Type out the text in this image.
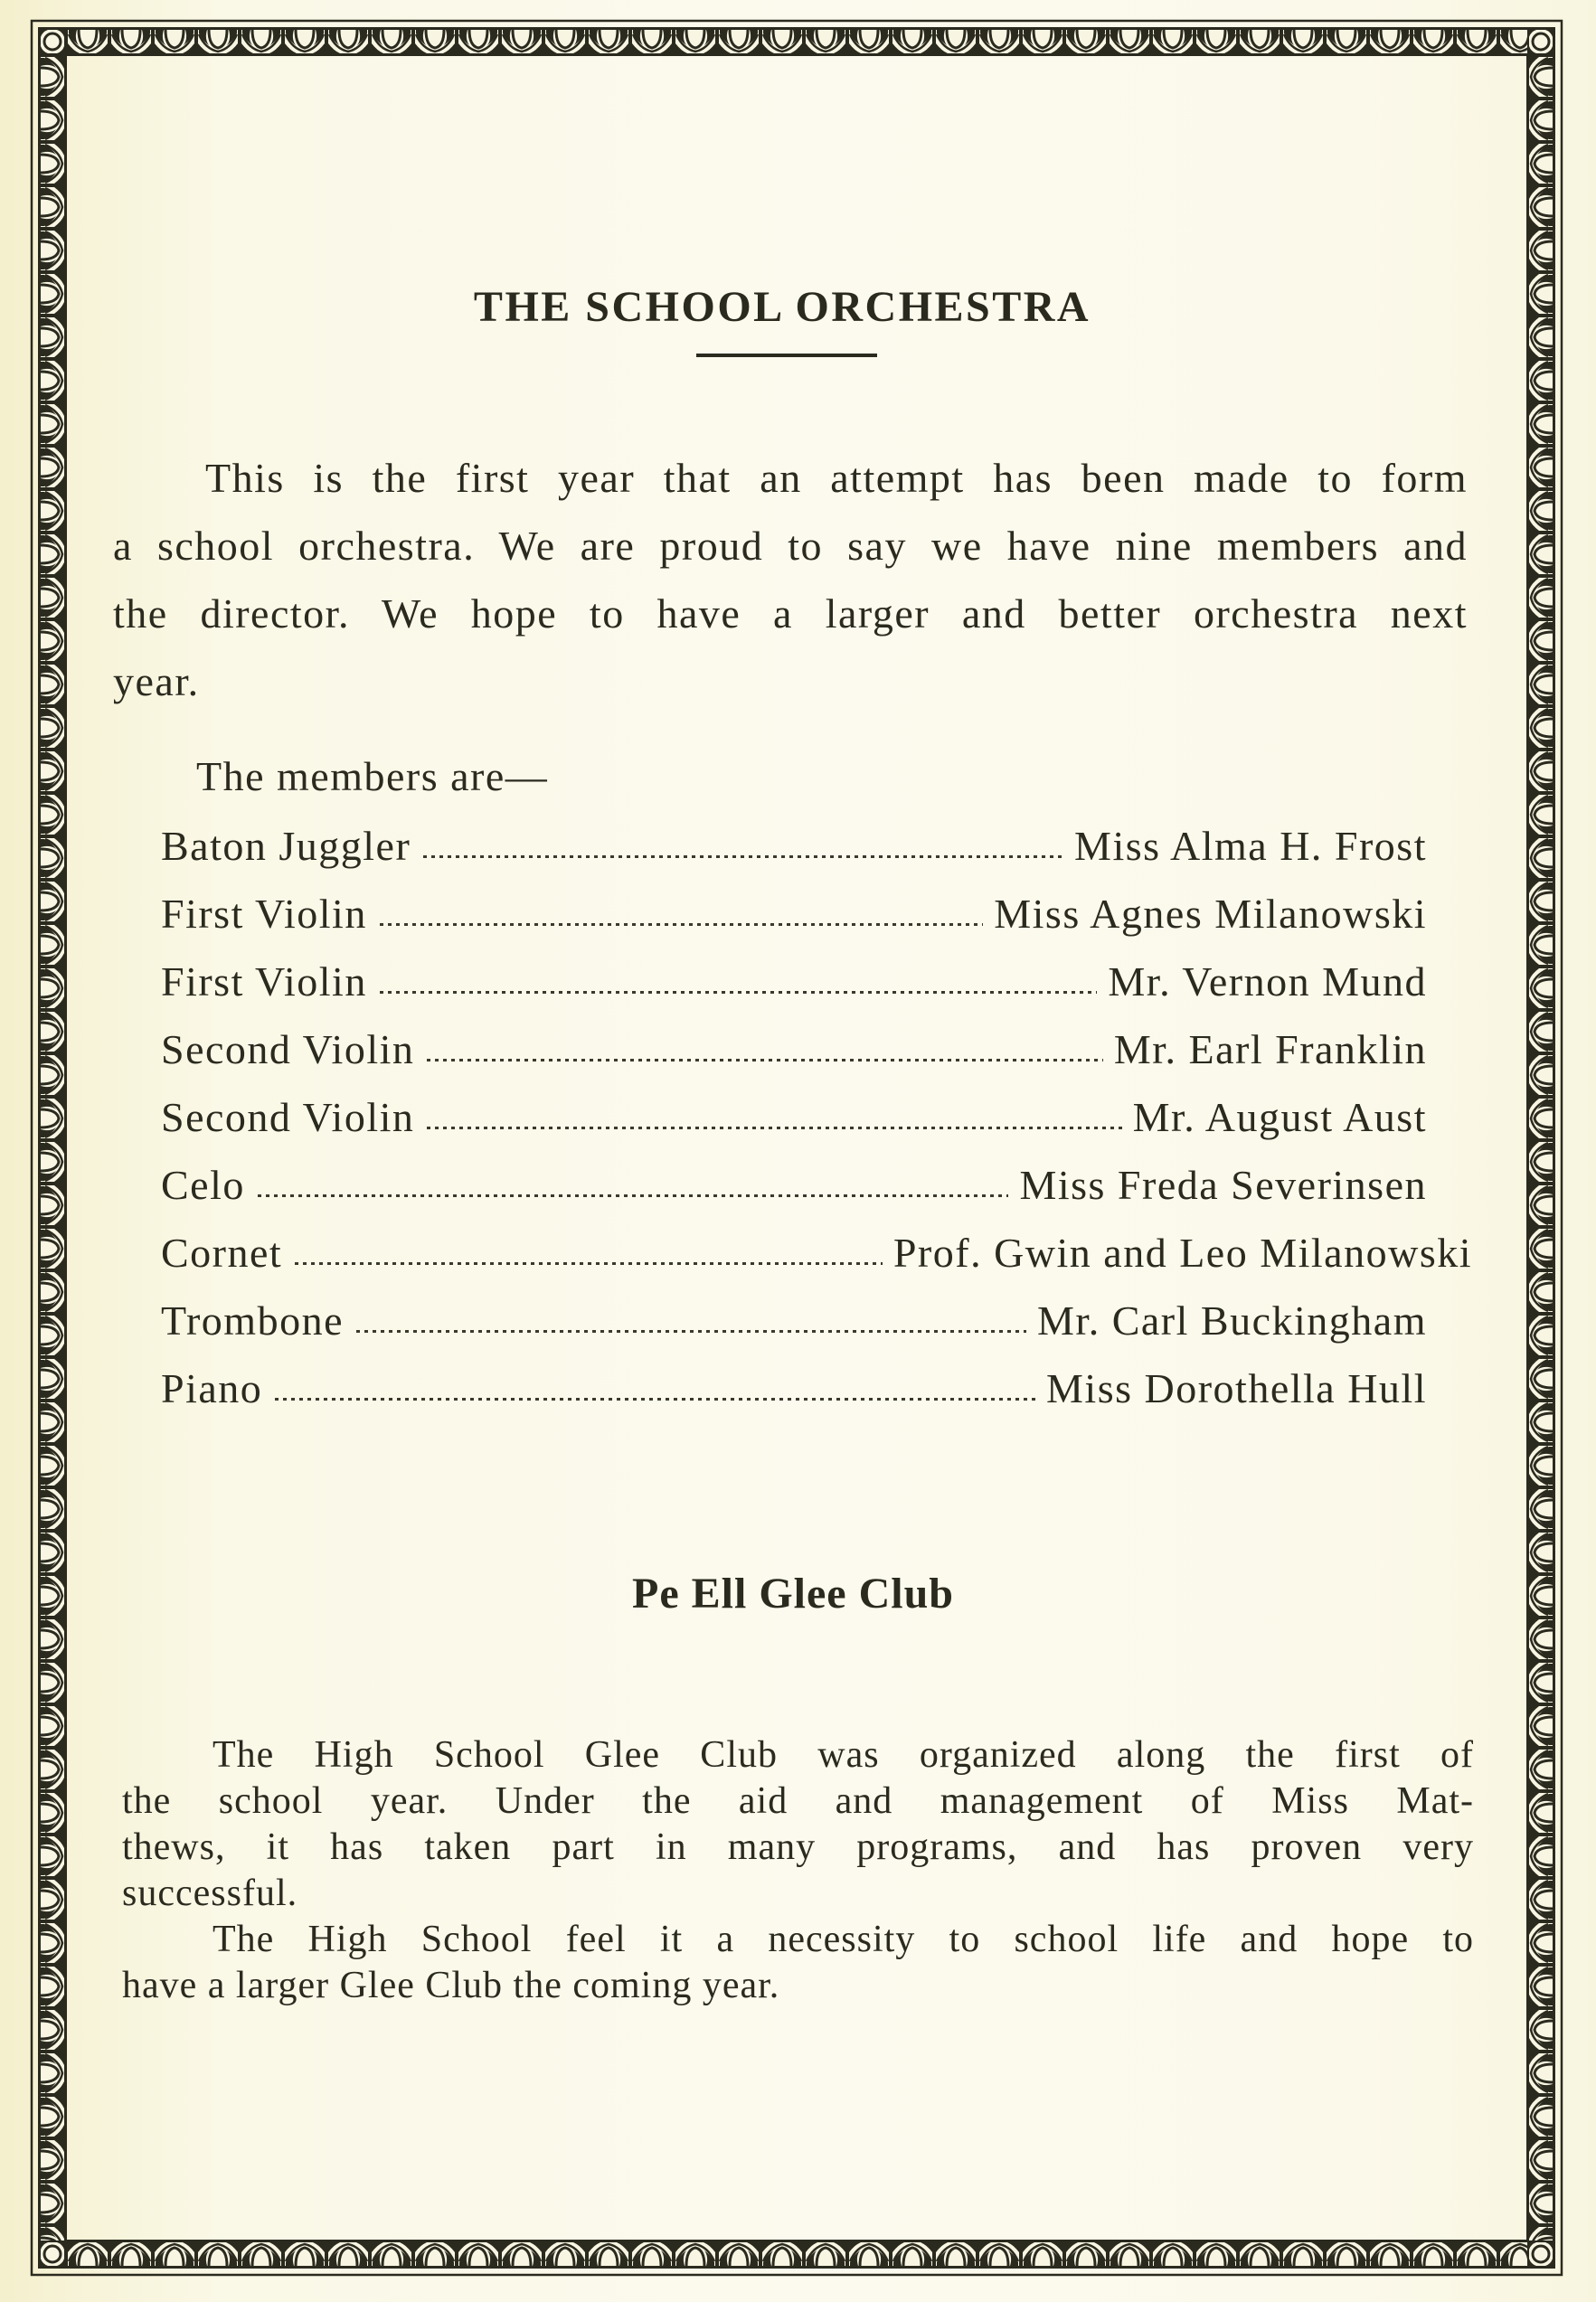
THE SCHOOL ORCHESTRA
This is the first year that an attempt has been made to form
a school orchestra. We are proud to say we have nine members and
the director. We hope to have a larger and better orchestra next
year.
The members are—
Baton Juggler	Miss Alma H. Frost
First Violin	Miss Agnes Milanowski
First Violin	Mr. Vernon Mund
Second Violin	Mr. Earl Franklin
Second Violin	Mr. August Aust
Celo	Miss Freda Severinsen
Cornet	Prof. Gwin and Leo Milanowski
Trombone	Mr. Carl Buckingham
Piano	Miss Dorothella Hull
Pe Ell Glee Club
The High School Glee Club was organized along the first of
the school year. Under the aid and management of Miss Mat-
thews, it has taken part in many programs, and has proven very
successful.
The High School feel it a necessity to school life and hope to
have a larger Glee Club the coming year.
